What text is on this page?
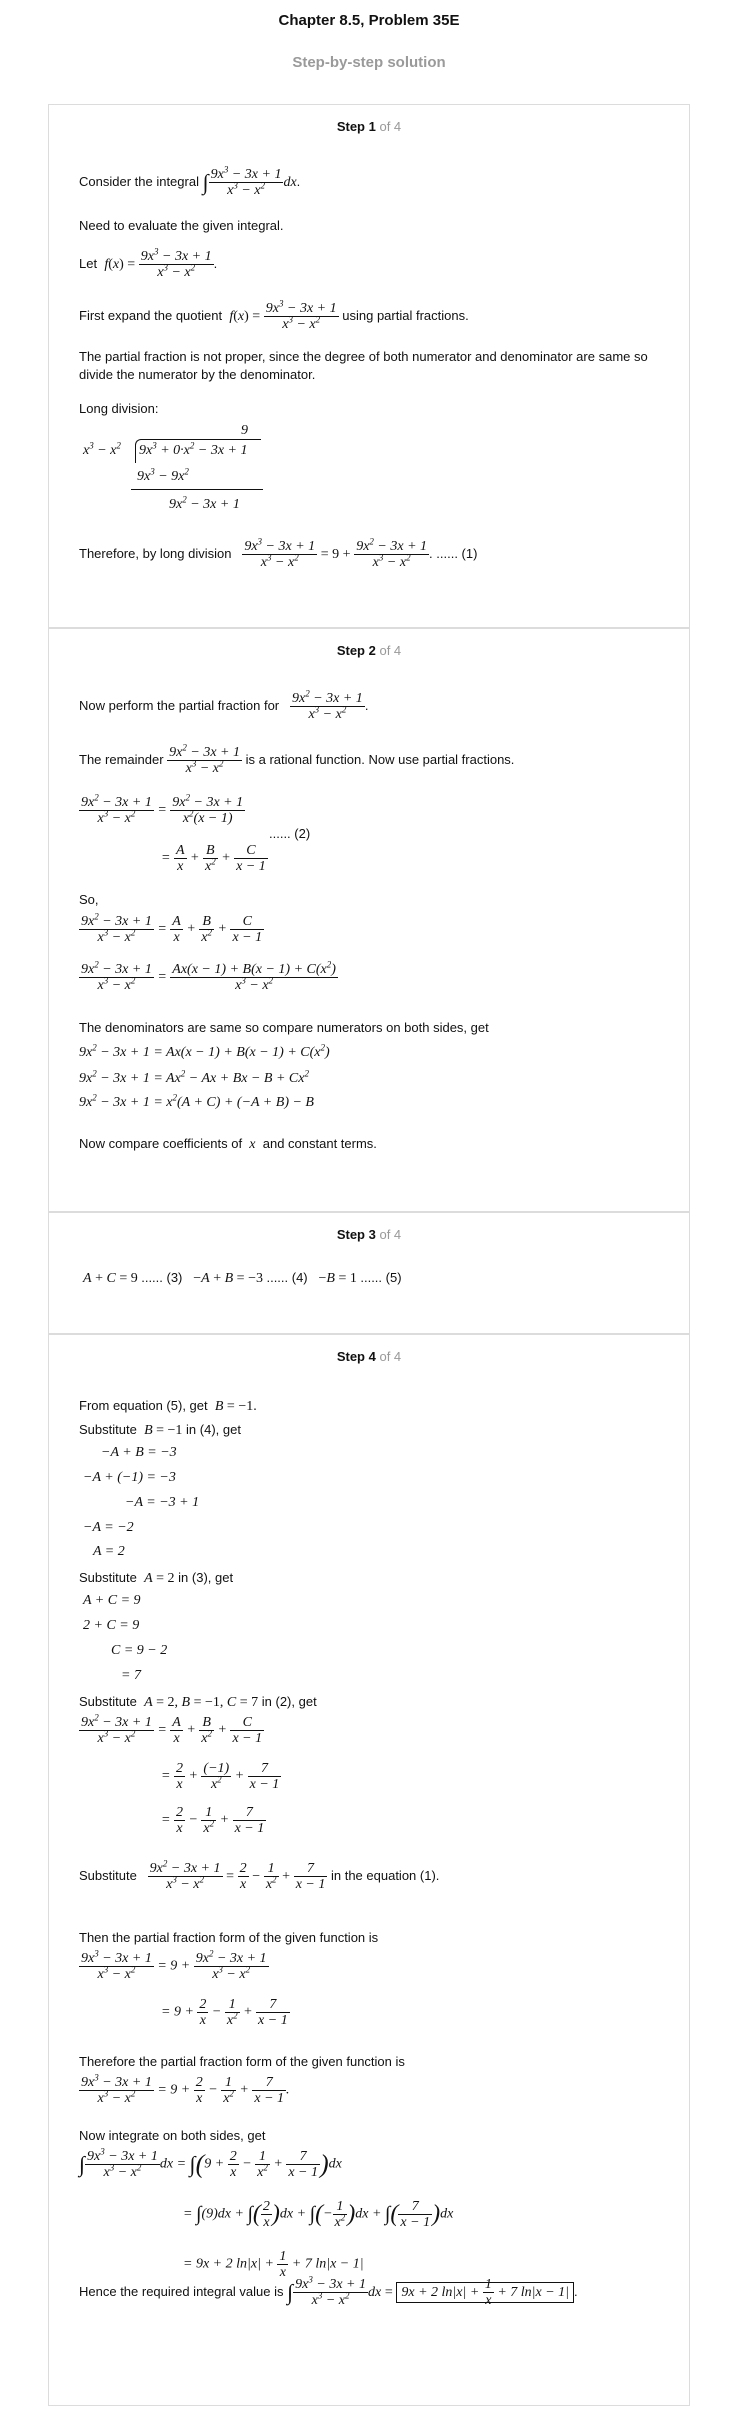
Chapter 8.5, Problem 35E
Step-by-step solution
Step 1 of 4
Consider the integral ∫ $\frac{9x^3 - 3x + 1}{x^3 - x^2}$ dx.
Need to evaluate the given integral.
Let $f(x) = \frac{9x^3 - 3x + 1}{x^3 - x^2}$ .
First expand the quotient $f(x) = \frac{9x^3 - 3x + 1}{x^3 - x^2}$ using partial fractions.
The partial fraction is not proper, since the degree of both numerator and denominator are same so divide the numerator by the denominator.
Long division:
9
$x^3 - x^2$ $9x^3 + 0\cdot x^2 - 3x + 1$
$9x^3 - 9x^2$
$9x^2 - 3x + 1$
Therefore, by long division $\frac{9x^3 - 3x + 1}{x^3 - x^2} = 9 + \frac{9x^2 - 3x + 1}{x^3 - x^2}$ . ...... (1)
Step 2 of 4
Now perform the partial fraction for $\frac{9x^2 - 3x + 1}{x^3 - x^2}$ .
The remainder $\frac{9x^2 - 3x + 1}{x^3 - x^2}$ is a rational function. Now use partial fractions.
$\frac{9x^2 - 3x + 1}{x^3 - x^2} = \frac{9x^2 - 3x + 1}{x^2(x - 1)}$
= $\frac{A}{x} + \frac{B}{x^2} + \frac{C}{x - 1}$
...... (2)
So,
$\frac{9x^2 - 3x + 1}{x^3 - x^2} = \frac{A}{x} + \frac{B}{x^2} + \frac{C}{x - 1}$
$\frac{9x^2 - 3x + 1}{x^3 - x^2} = \frac{Ax(x - 1) + B(x - 1) + C(x^2)}{x^3 - x^2}$
The denominators are same so compare numerators on both sides, get
$9x^2 - 3x + 1 = Ax(x - 1) + B(x - 1) + C(x^2)$
$9x^2 - 3x + 1 = Ax^2 - Ax + Bx - B + Cx^2$
$9x^2 - 3x + 1 = x^2(A + C) + (-A + B) - B$
Now compare coefficients of x and constant terms.
Step 3 of 4
A + C = 9 ...... (3) −A + B = −3 ...... (4) −B = 1 ...... (5)
Step 4 of 4
From equation (5), get B = −1.
Substitute B = −1 in (4), get
−A + B = −3
−A + (−1) = −3
−A = −3 + 1
−A = −2
A = 2
Substitute A = 2 in (3), get
A + C = 9
2 + C = 9
C = 9 − 2
= 7
Substitute A = 2, B = −1, C = 7 in (2), get
$\frac{9x^2 - 3x + 1}{x^3 - x^2} = \frac{A}{x} + \frac{B}{x^2} + \frac{C}{x - 1}$
= $\frac{2}{x} + \frac{(-1)}{x^2} + \frac{7}{x - 1}$
= $\frac{2}{x} - \frac{1}{x^2} + \frac{7}{x - 1}$
Substitute $\frac{9x^2 - 3x + 1}{x^3 - x^2} = \frac{2}{x} - \frac{1}{x^2} + \frac{7}{x - 1}$ in the equation (1).
Then the partial fraction form of the given function is
$\frac{9x^3 - 3x + 1}{x^3 - x^2} = 9 + \frac{9x^2 - 3x + 1}{x^3 - x^2}$
= $9 + \frac{2}{x} - \frac{1}{x^2} + \frac{7}{x - 1}$
Therefore the partial fraction form of the given function is
$\frac{9x^3 - 3x + 1}{x^3 - x^2} = 9 + \frac{2}{x} - \frac{1}{x^2} + \frac{7}{x - 1}$ .
Now integrate on both sides, get
∫ $\frac{9x^3 - 3x + 1}{x^3 - x^2}$ dx = $\int(9 + \frac{2}{x} - \frac{1}{x^2} + \frac{7}{x - 1} )dx$
= ∫(9)dx + ∫( $\frac{2}{x} )dx$ + ∫(− $\frac{1}{x^2} )dx$ + ∫( $\frac{7}{x - 1} )dx$
= 9x + 2 $\ln|x| + \frac{1}{x} + 7$ ln|x − 1|
Hence the required integral value is ∫ $\frac{9x^3 - 3x + 1}{x^3 - x^2}$ dx = 9x + 2 $\ln|x| + \frac{1}{x} + 7$ ln|x − 1| .
